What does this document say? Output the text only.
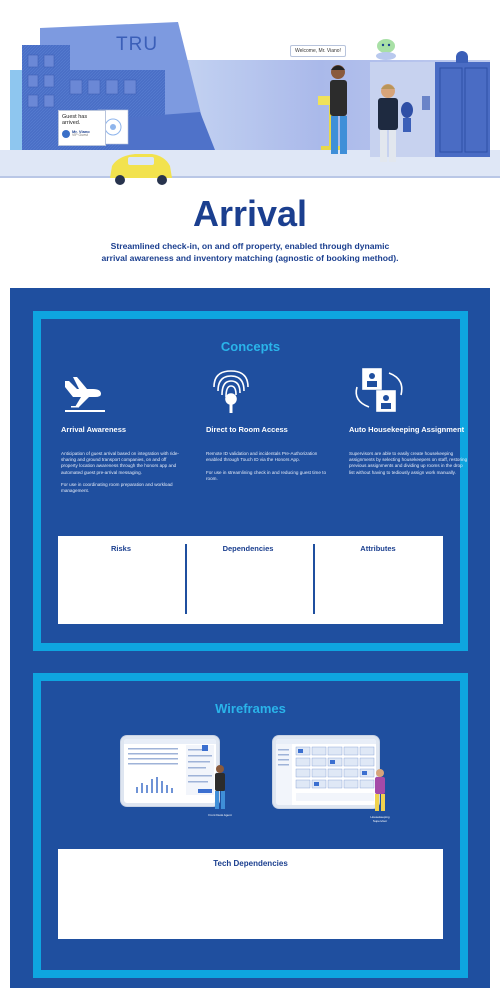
TRU	Welcome, Mr. Viano!
Guest has arrived.
Mr. Viano
VIP Guest
Arrival

Streamlined check-in, on and off property, enabled through dynamic arrival awareness and inventory matching (agnostic of booking method).

Concepts
Arrival Awareness
Anticipation of guest arrival based on integration with ride-sharing and ground transport companies, on and off property location awareness through the honors app and automated guest pre-arrival messaging.

For use in coordinating room preparation and workload management.
Direct to Room Access
Remote ID validation and incidentals Pre-Authorization enabled through Touch ID via the Honors App.

For use in streamlining check in and reducing guest time to room.
Auto Housekeeping Assignment
Supervisors are able to easily create housekeeping assignments by selecting housekeepers on staff, restoring previous assignments and dividing up rooms in the drop list without having to tediously assign work manually.
Risks	Dependencies	Attributes
Wireframes
Front Desk Agent	Housekeeping Supervisor
Tech Dependencies
